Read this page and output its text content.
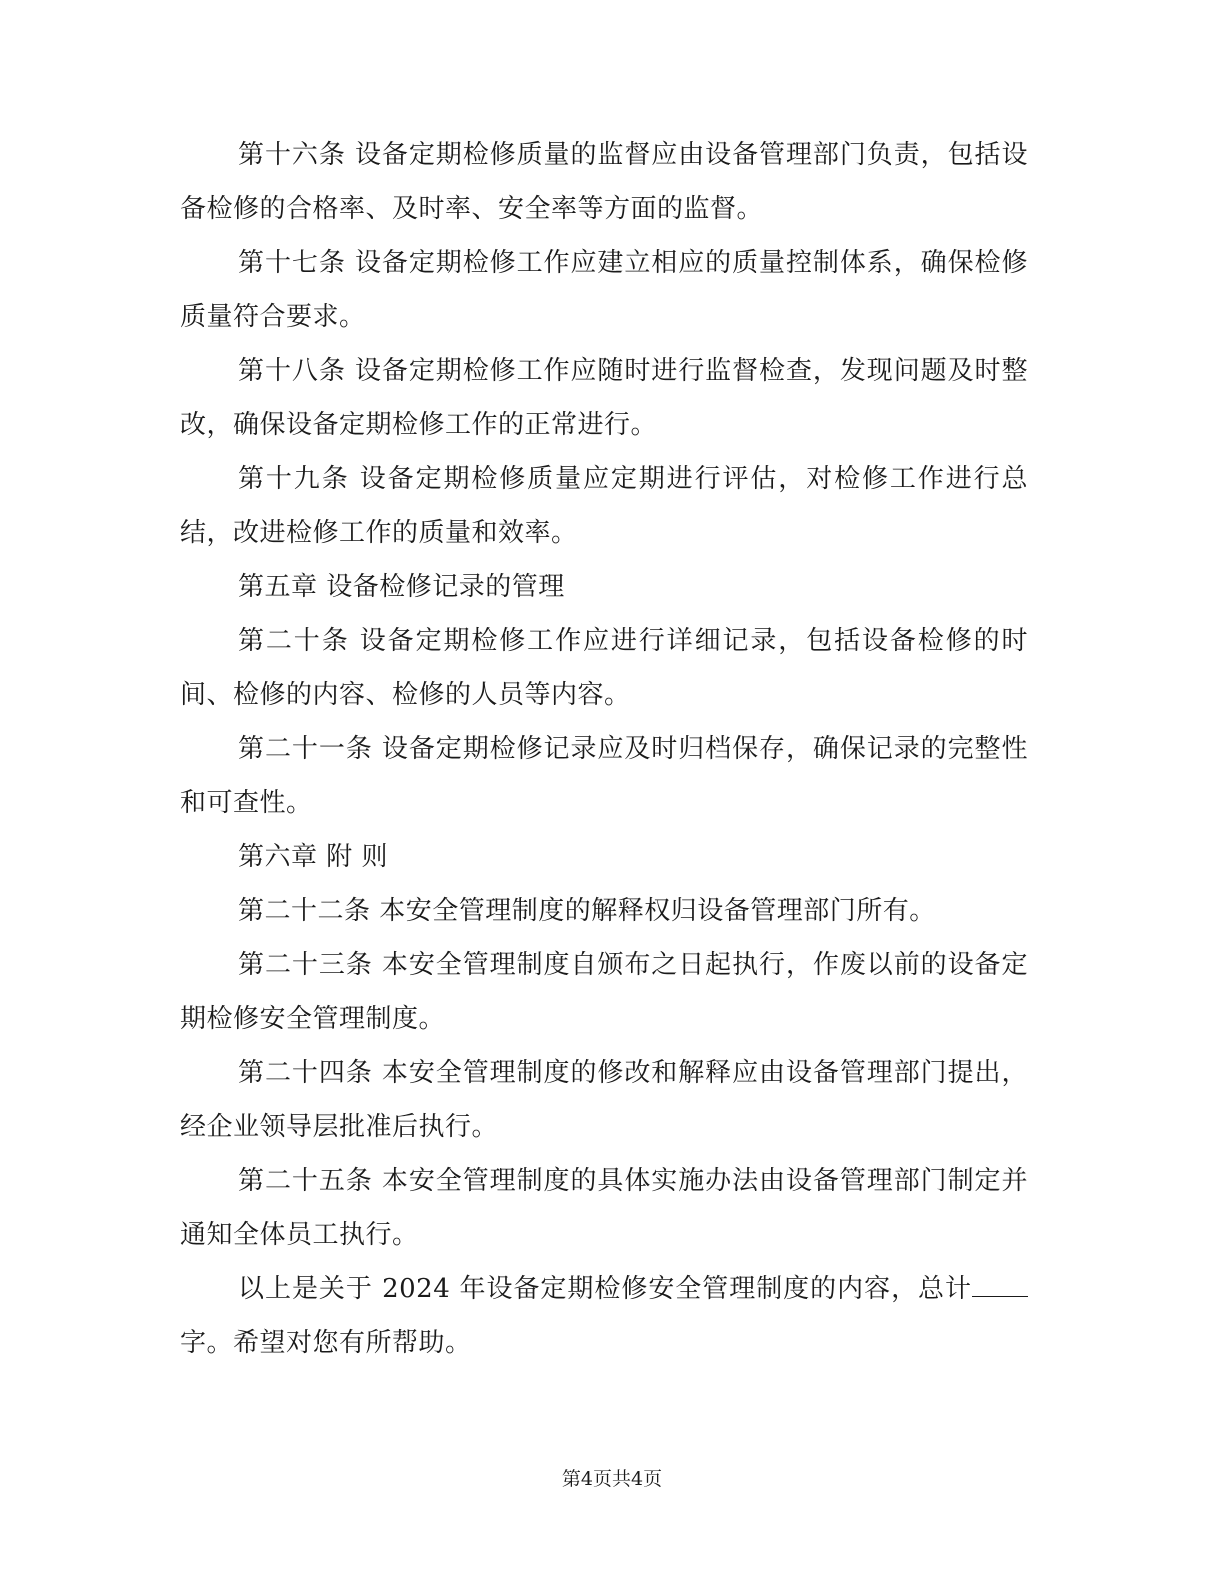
第十六条 设备定期检修质量的监督应由设备管理部门负责，包括设备检修的合格率、及时率、安全率等方面的监督。

第十七条 设备定期检修工作应建立相应的质量控制体系，确保检修质量符合要求。

第十八条 设备定期检修工作应随时进行监督检查，发现问题及时整改，确保设备定期检修工作的正常进行。

第十九条 设备定期检修质量应定期进行评估，对检修工作进行总结，改进检修工作的质量和效率。

第五章 设备检修记录的管理

第二十条 设备定期检修工作应进行详细记录，包括设备检修的时间、检修的内容、检修的人员等内容。

第二十一条 设备定期检修记录应及时归档保存，确保记录的完整性和可查性。

第六章 附 则

第二十二条 本安全管理制度的解释权归设备管理部门所有。

第二十三条 本安全管理制度自颁布之日起执行，作废以前的设备定期检修安全管理制度。

第二十四条 本安全管理制度的修改和解释应由设备管理部门提出，经企业领导层批准后执行。

第二十五条 本安全管理制度的具体实施办法由设备管理部门制定并通知全体员工执行。

以上是关于 2024 年设备定期检修安全管理制度的内容，总计字。希望对您有所帮助。

第4页共4页
